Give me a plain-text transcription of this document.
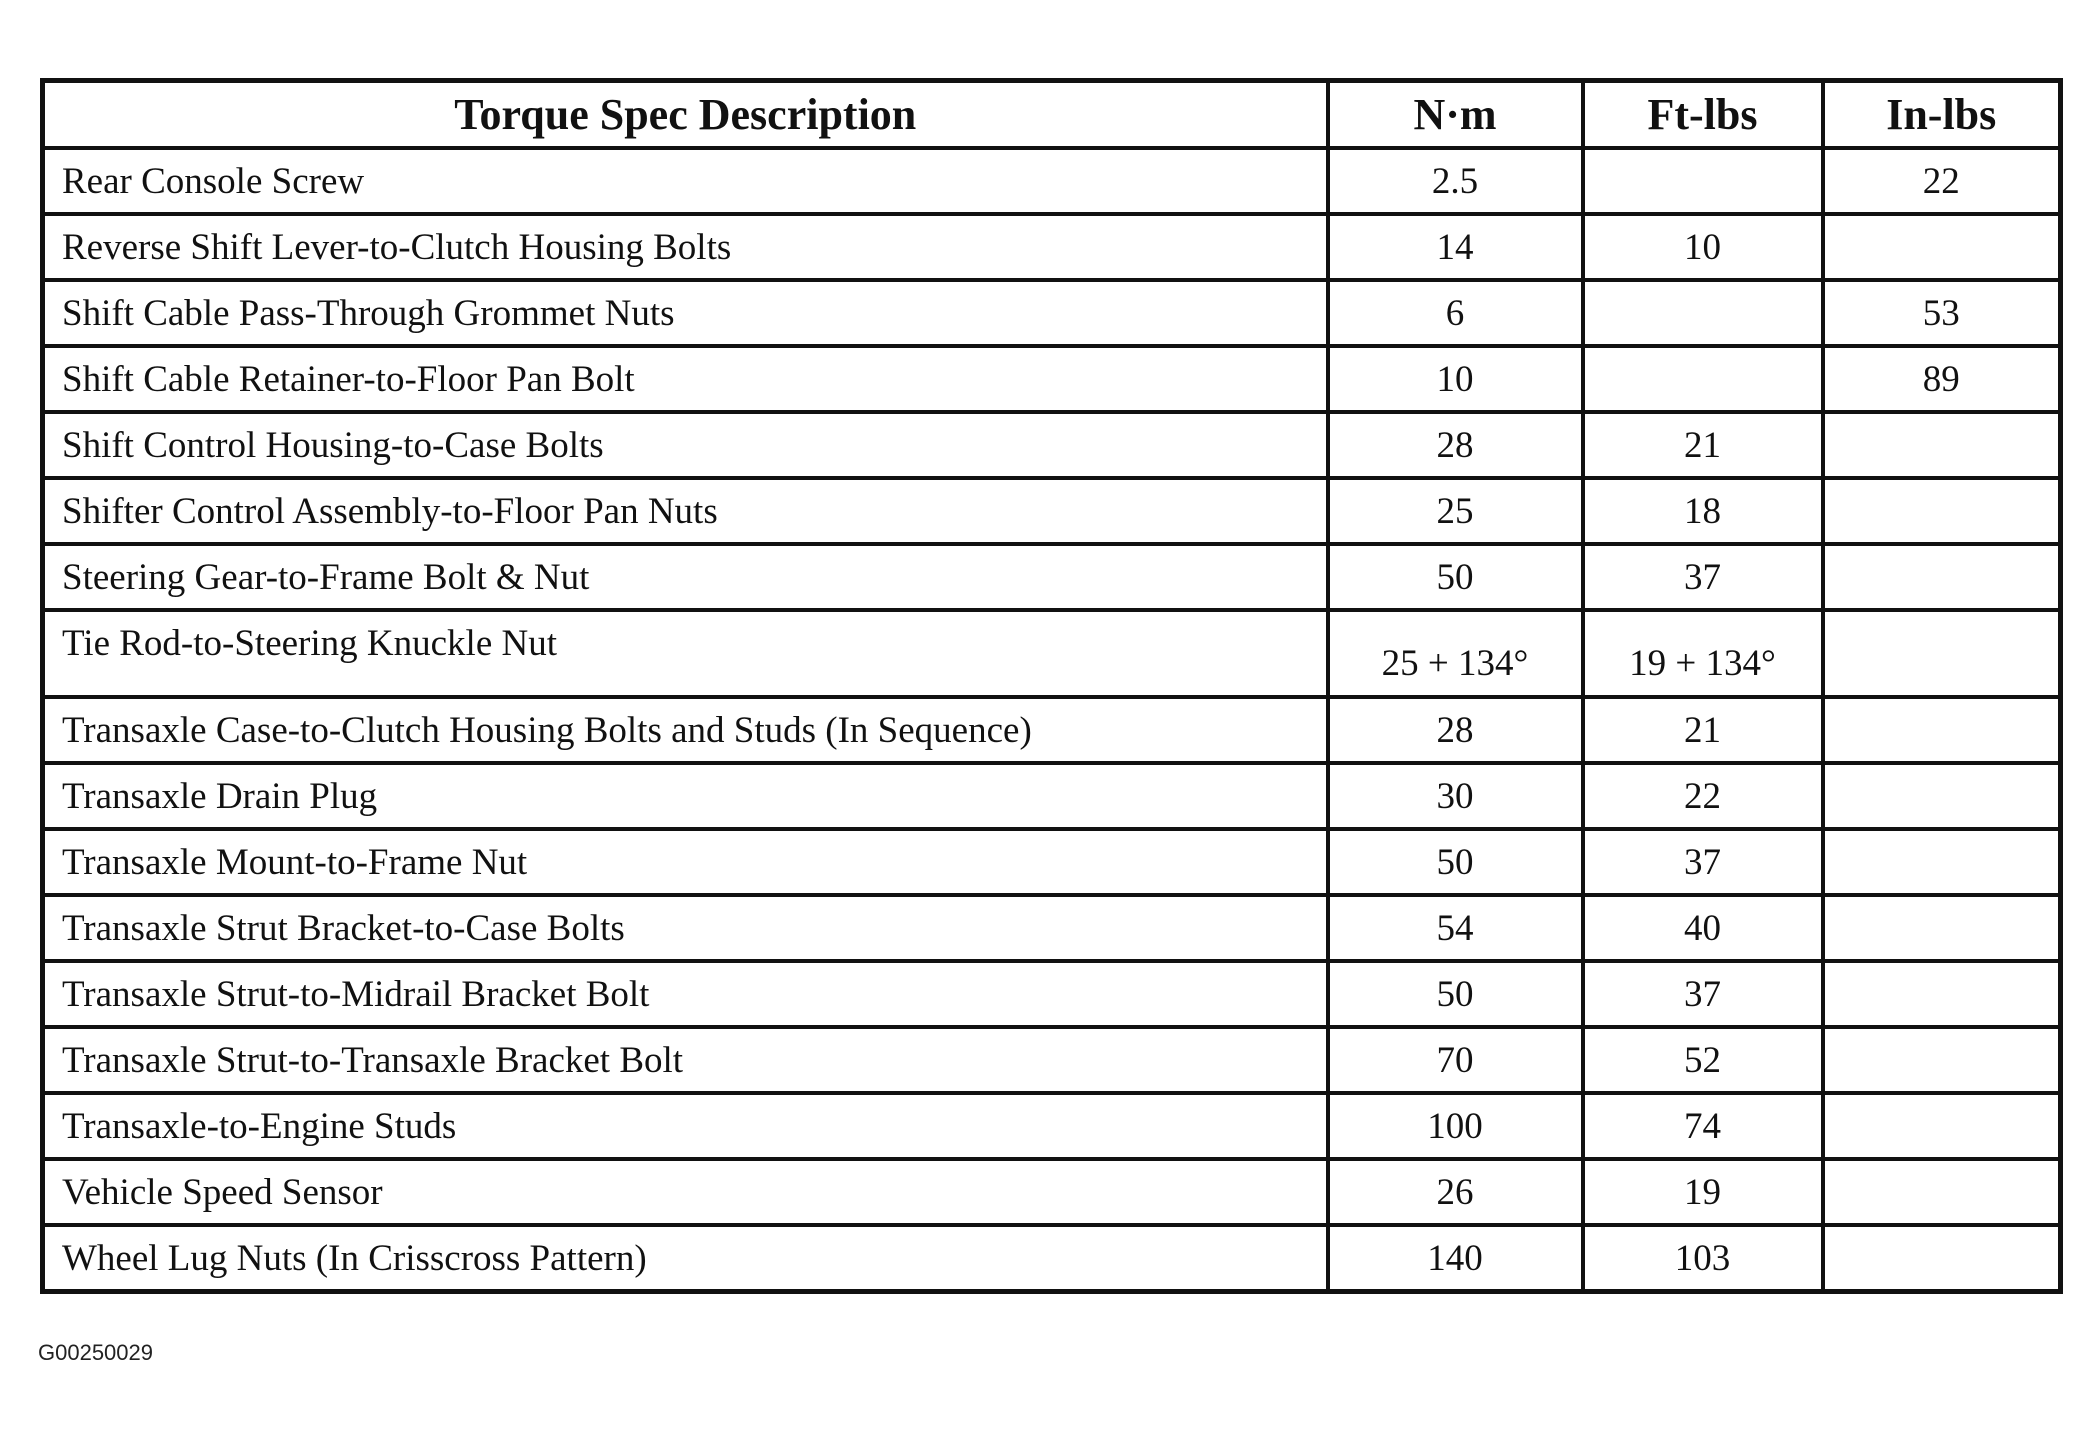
Torque Spec Description	N·m	Ft-lbs	In-lbs
Rear Console Screw	2.5		22
Reverse Shift Lever-to-Clutch Housing Bolts	14	10	
Shift Cable Pass-Through Grommet Nuts	6		53
Shift Cable Retainer-to-Floor Pan Bolt	10		89
Shift Control Housing-to-Case Bolts	28	21	
Shifter Control Assembly-to-Floor Pan Nuts	25	18	
Steering Gear-to-Frame Bolt & Nut	50	37	
Tie Rod-to-Steering Knuckle Nut	25 + 134°	19 + 134°	
Transaxle Case-to-Clutch Housing Bolts and Studs (In Sequence)	28	21	
Transaxle Drain Plug	30	22	
Transaxle Mount-to-Frame Nut	50	37	
Transaxle Strut Bracket-to-Case Bolts	54	40	
Transaxle Strut-to-Midrail Bracket Bolt	50	37	
Transaxle Strut-to-Transaxle Bracket Bolt	70	52	
Transaxle-to-Engine Studs	100	74	
Vehicle Speed Sensor	26	19	
Wheel Lug Nuts (In Crisscross Pattern)	140	103	
G00250029
